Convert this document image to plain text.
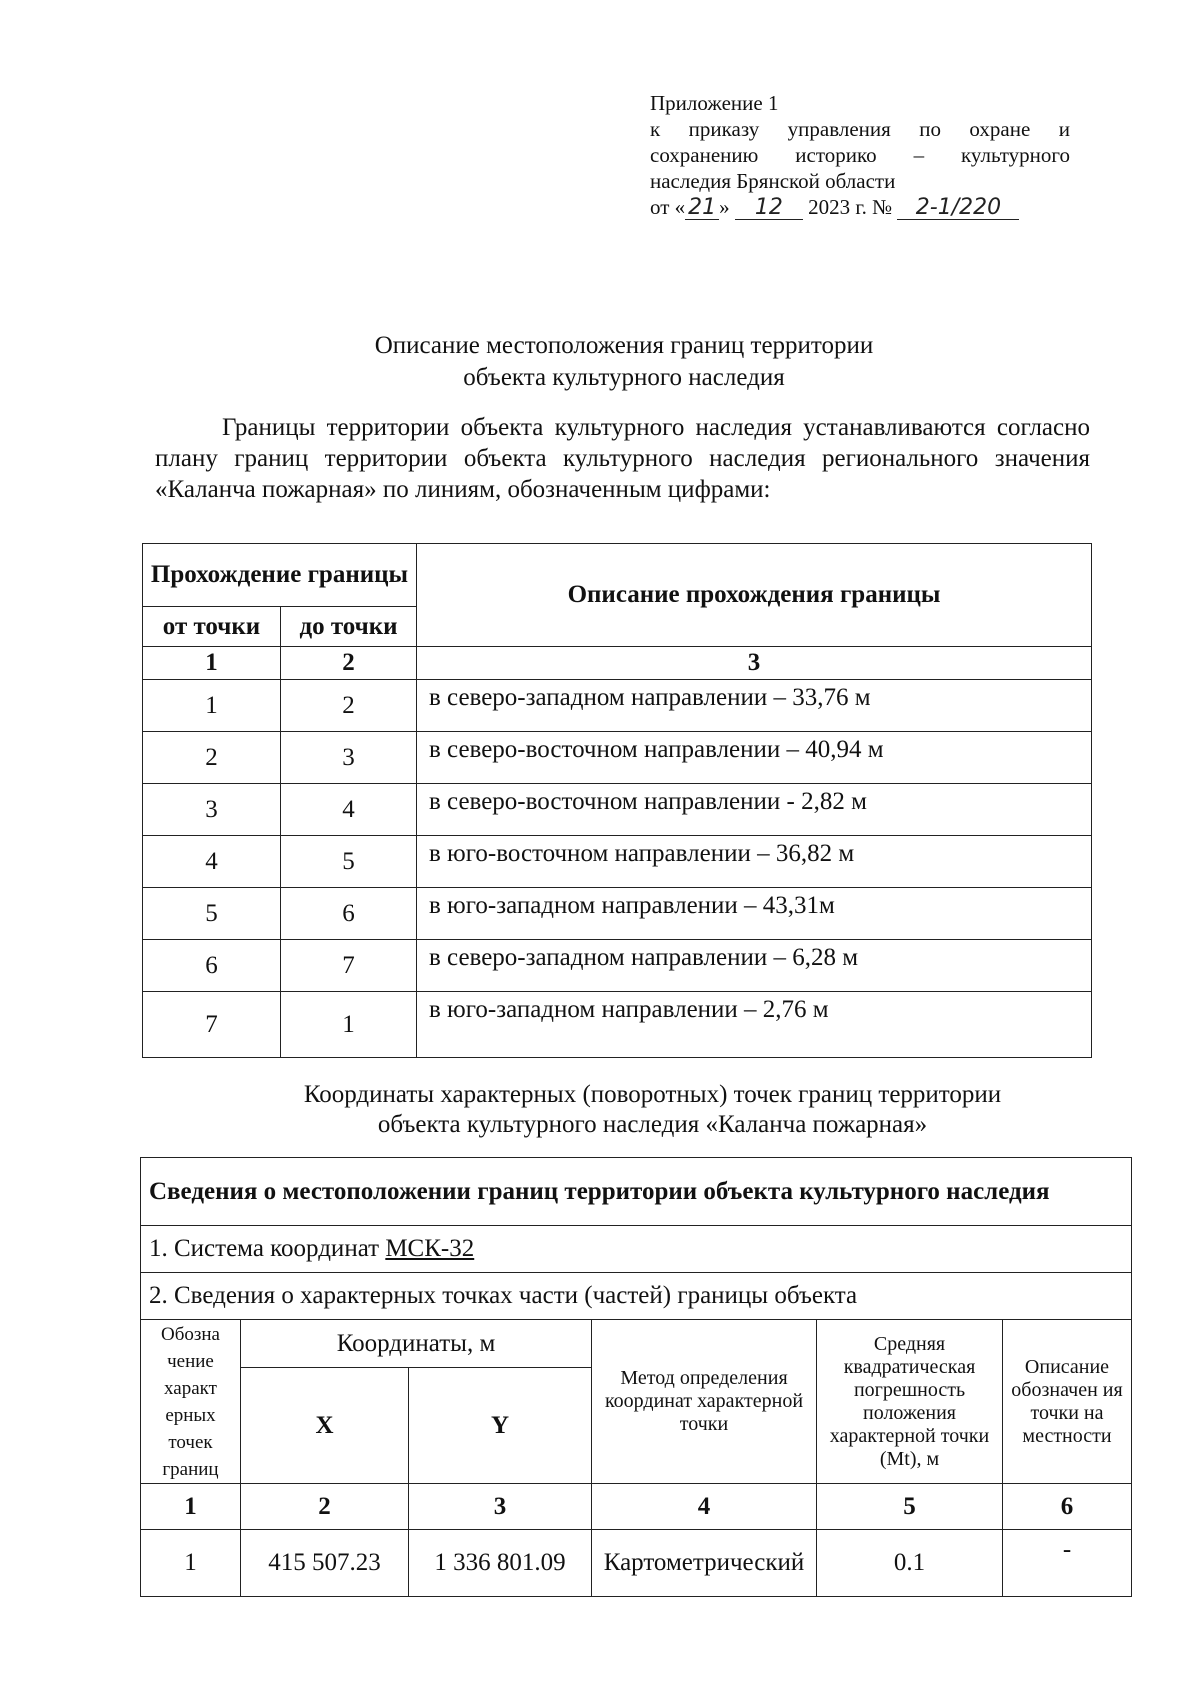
Приложение 1
к приказу управления по охране и
сохранению историко – культурного
наследия Брянской области
от « 21 » 12 2023 г. № 2-1/220
Описание местоположения границ территории
объекта культурного наследия
Границы территории объекта культурного наследия устанавливаются согласно плану границ территории объекта культурного наследия регионального значения «Каланча пожарная» по линиям, обозначенным цифрами:
Прохождение границы		Описание прохождения границы
от точки	до точки	
1	2	3
1	2	в северо-западном направлении – 33,76 м
2	3	в северо-восточном направлении – 40,94 м
3	4	в северо-восточном направлении - 2,82 м
4	5	в юго-восточном направлении – 36,82 м
5	6	в юго-западном направлении – 43,31м
6	7	в северо-западном направлении – 6,28 м
7	1	в юго-западном направлении – 2,76 м
Координаты характерных (поворотных) точек границ территории
объекта культурного наследия «Каланча пожарная»
Сведения о местоположении границ территории объекта культурного наследия					
1. Система координат МСК-32					
2. Сведения о характерных точках части (частей) границы объекта					
Обозна чение характ ерных точек границ	Координаты, м		Метод определения координат характерной точки	Средняя квадратическая погрешность положения характерной точки (Mt), м	Описание обозначен ия точки на местности
	X	Y			
1	2	3	4	5	6
1	415 507.23	1 336 801.09	Картометрический	0.1	-
